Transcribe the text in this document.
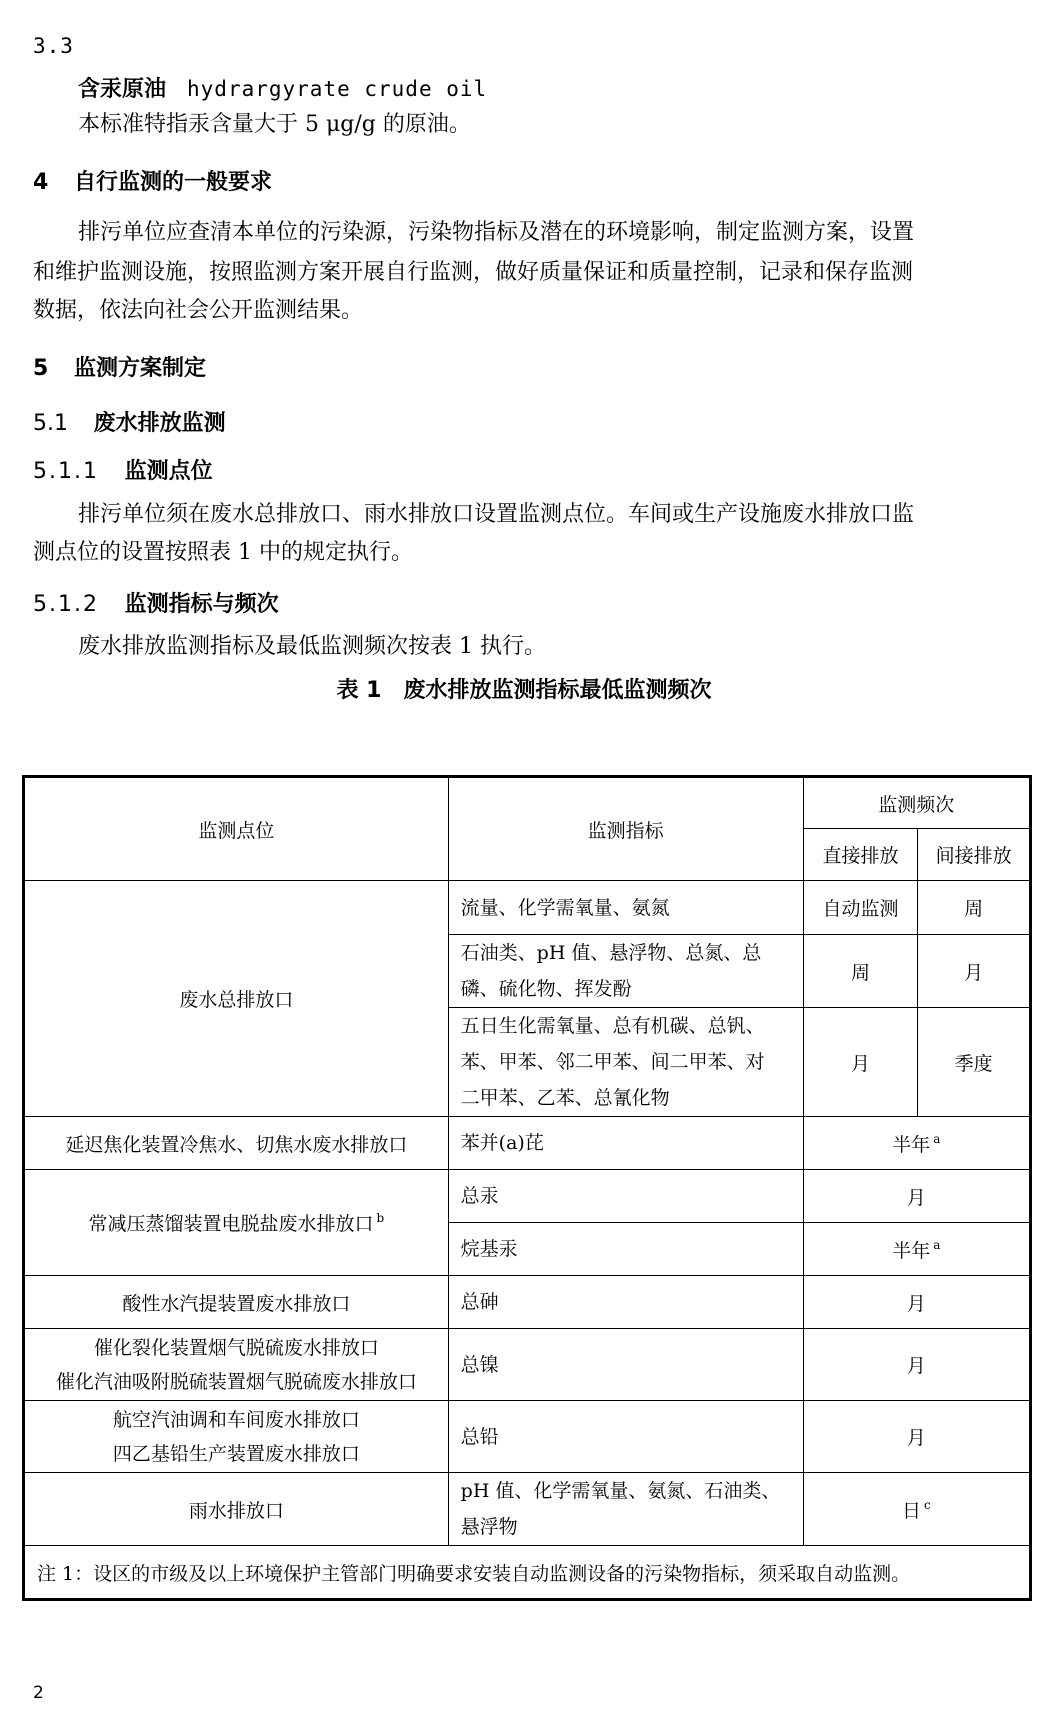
3.3
含汞原油 hydrargyrate crude oil
本标准特指汞含量大于 5 μg/g 的原油。
4 自行监测的一般要求
排污单位应查清本单位的污染源，污染物指标及潜在的环境影响，制定监测方案，设置
和维护监测设施，按照监测方案开展自行监测，做好质量保证和质量控制，记录和保存监测
数据，依法向社会公开监测结果。
5 监测方案制定
5.1 废水排放监测
5.1.1 监测点位
排污单位须在废水总排放口、雨水排放口设置监测点位。车间或生产设施废水排放口监
测点位的设置按照表 1 中的规定执行。
5.1.2 监测指标与频次
废水排放监测指标及最低监测频次按表 1 执行。
表 1　废水排放监测指标最低监测频次
监测点位	监测指标	监测频次	
		直接排放	间接排放
废水总排放口	流量、化学需氧量、氨氮	自动监测	周

	石油类、pH 值、悬浮物、总氮、总
磷、硫化物、挥发酚	周	月

	五日生化需氧量、总有机碳、总钒、
苯、甲苯、邻二甲苯、间二甲苯、对
二甲苯、乙苯、总氰化物	月	季度
延迟焦化装置冷焦水、切焦水废水排放口	苯并(a)芘	半年 $^a$
常减压蒸馏装置电脱盐废水排放口 $^b$	总汞	月	
	烷基汞	半年 $^a$
酸性水汽提装置废水排放口	总砷	月	

催化裂化装置烟气脱硫废水排放口
催化汽油吸附脱硫装置烟气脱硫废水排放口	总镍	月	

航空汽油调和车间废水排放口
四乙基铅生产装置废水排放口	总铅	月	
雨水排放口	pH 值、化学需氧量、氨氮、石油类、
悬浮物	日 $^c$
注 1：设区的市级及以上环境保护主管部门明确要求安装自动监测设备的污染物指标，须采取自动监测。			
2
